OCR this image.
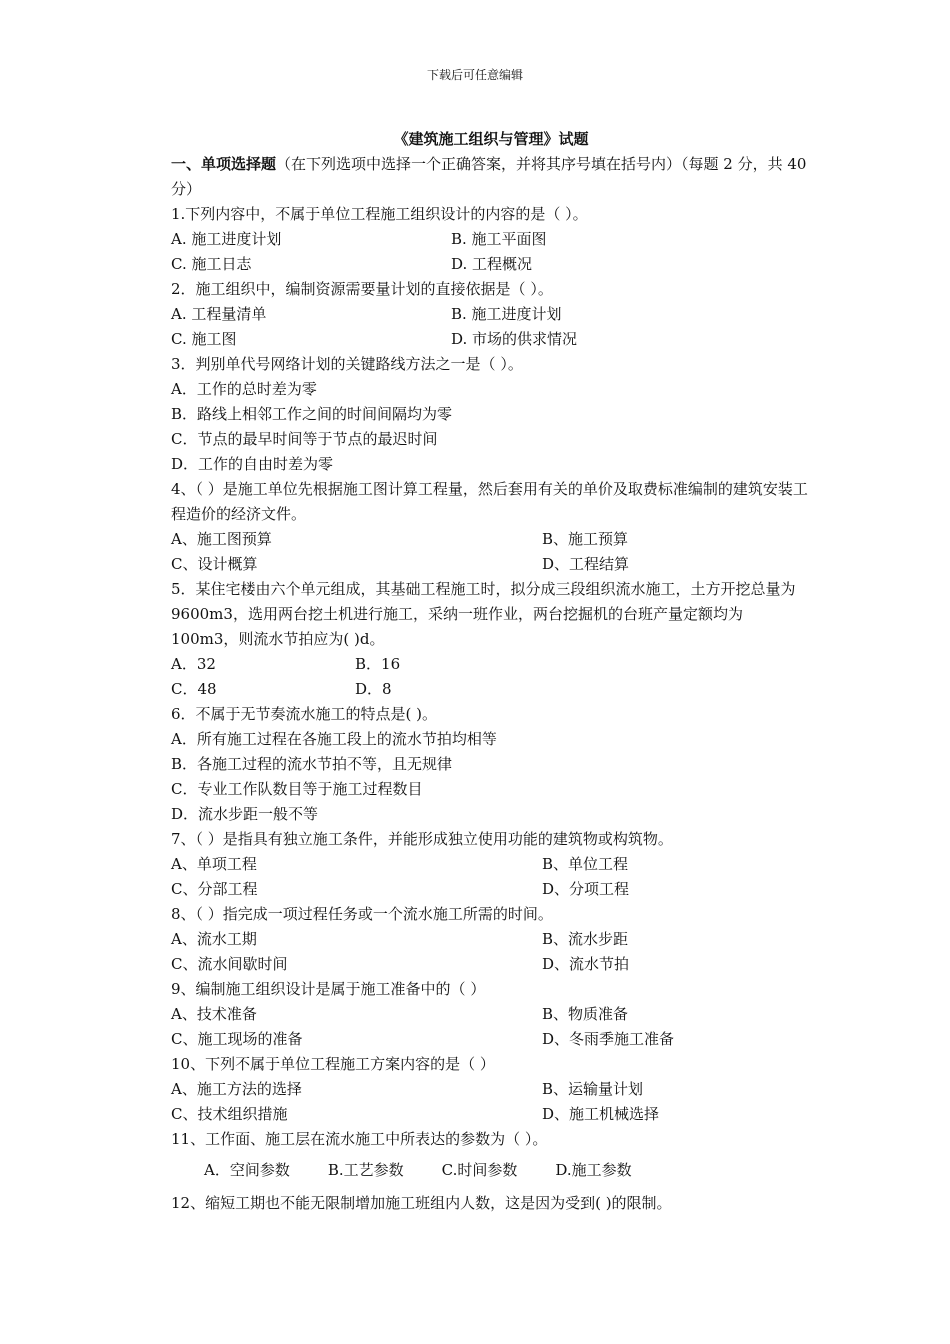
下载后可任意编辑
《建筑施工组织与管理》试题
一、单项选择题（在下列选项中选择一个正确答案，并将其序号填在括号内）（每题 2 分，共 40 分）
1.下列内容中，不属于单位工程施工组织设计的内容的是（ ）。
A. 施工进度计划	B. 施工平面图
C. 施工日志	D. 工程概况
2．施工组织中，编制资源需要量计划的直接依据是（ ）。
A. 工程量清单	B. 施工进度计划
C. 施工图	D. 市场的供求情况
3．判别单代号网络计划的关键路线方法之一是（ ）。
A．工作的总时差为零
B．路线上相邻工作之间的时间间隔均为零
C．节点的最早时间等于节点的最迟时间
D．工作的自由时差为零
4、（ ）是施工单位先根据施工图计算工程量，然后套用有关的单价及取费标准编制的建筑安装工程造价的经济文件。
A、施工图预算	B、施工预算
C、设计概算	D、工程结算
5．某住宅楼由六个单元组成，其基础工程施工时，拟分成三段组织流水施工，土方开挖总量为 9600m3，选用两台挖土机进行施工，采纳一班作业，两台挖掘机的台班产量定额均为 100m3，则流水节拍应为( )d。
A．32	B．16
C．48	D．8
6．不属于无节奏流水施工的特点是( )。
A．所有施工过程在各施工段上的流水节拍均相等
B．各施工过程的流水节拍不等，且无规律
C．专业工作队数目等于施工过程数目
D．流水步距一般不等
7、（ ）是指具有独立施工条件，并能形成独立使用功能的建筑物或构筑物。
A、单项工程	B、单位工程
C、分部工程	D、分项工程
8、（ ）指完成一项过程任务或一个流水施工所需的时间。
A、流水工期	B、流水步距
C、流水间歇时间	D、流水节拍
9、编制施工组织设计是属于施工准备中的（ ）
A、技术准备	B、物质准备
C、施工现场的准备	D、冬雨季施工准备
10、下列不属于单位工程施工方案内容的是（ ）
A、施工方法的选择	B、运输量计划
C、技术组织措施	D、施工机械选择
11、工作面、施工层在流水施工中所表达的参数为（ ）。
A．空间参数	B.工艺参数	C.时间参数	D.施工参数
12、缩短工期也不能无限制增加施工班组内人数，这是因为受到( )的限制。
